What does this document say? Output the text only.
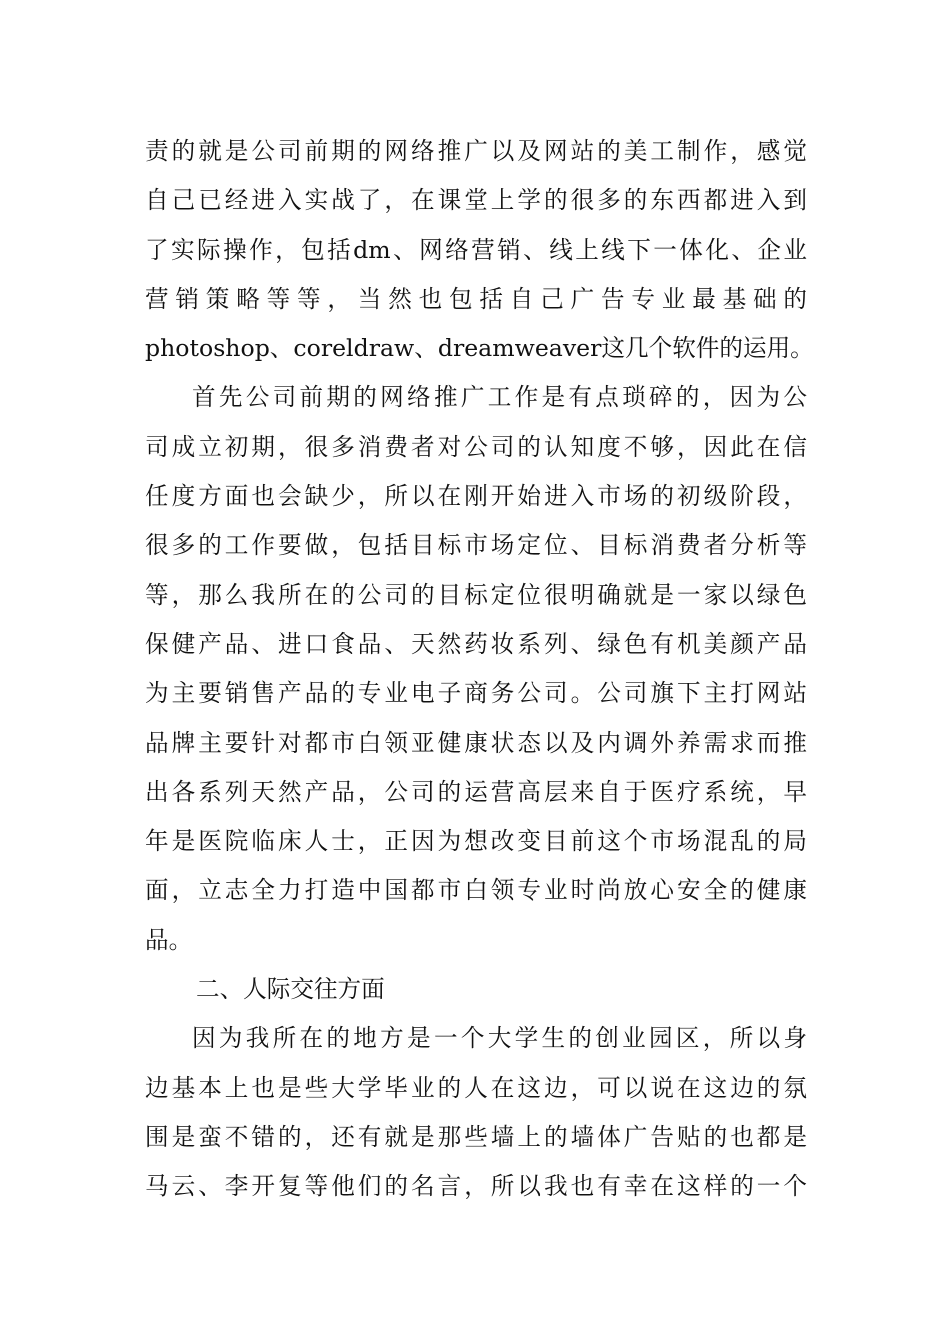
责的就是公司前期的网络推广以及网站的美工制作，感觉
自己已经进入实战了，在课堂上学的很多的东西都进入到
了实际操作，包括dm、网络营销、线上线下一体化、企业
营销策略等等，当然也包括自己广告专业最基础的
photoshop、coreldraw、dreamweaver这几个软件的运用。
首先公司前期的网络推广工作是有点琐碎的，因为公
司成立初期，很多消费者对公司的认知度不够，因此在信
任度方面也会缺少，所以在刚开始进入市场的初级阶段，
很多的工作要做，包括目标市场定位、目标消费者分析等
等，那么我所在的公司的目标定位很明确就是一家以绿色
保健产品、进口食品、天然药妆系列、绿色有机美颜产品
为主要销售产品的专业电子商务公司。公司旗下主打网站
品牌主要针对都市白领亚健康状态以及内调外养需求而推
出各系列天然产品，公司的运营高层来自于医疗系统，早
年是医院临床人士，正因为想改变目前这个市场混乱的局
面，立志全力打造中国都市白领专业时尚放心安全的健康
品。
二、人际交往方面
因为我所在的地方是一个大学生的创业园区，所以身
边基本上也是些大学毕业的人在这边，可以说在这边的氛
围是蛮不错的，还有就是那些墙上的墙体广告贴的也都是
马云、李开复等他们的名言，所以我也有幸在这样的一个
